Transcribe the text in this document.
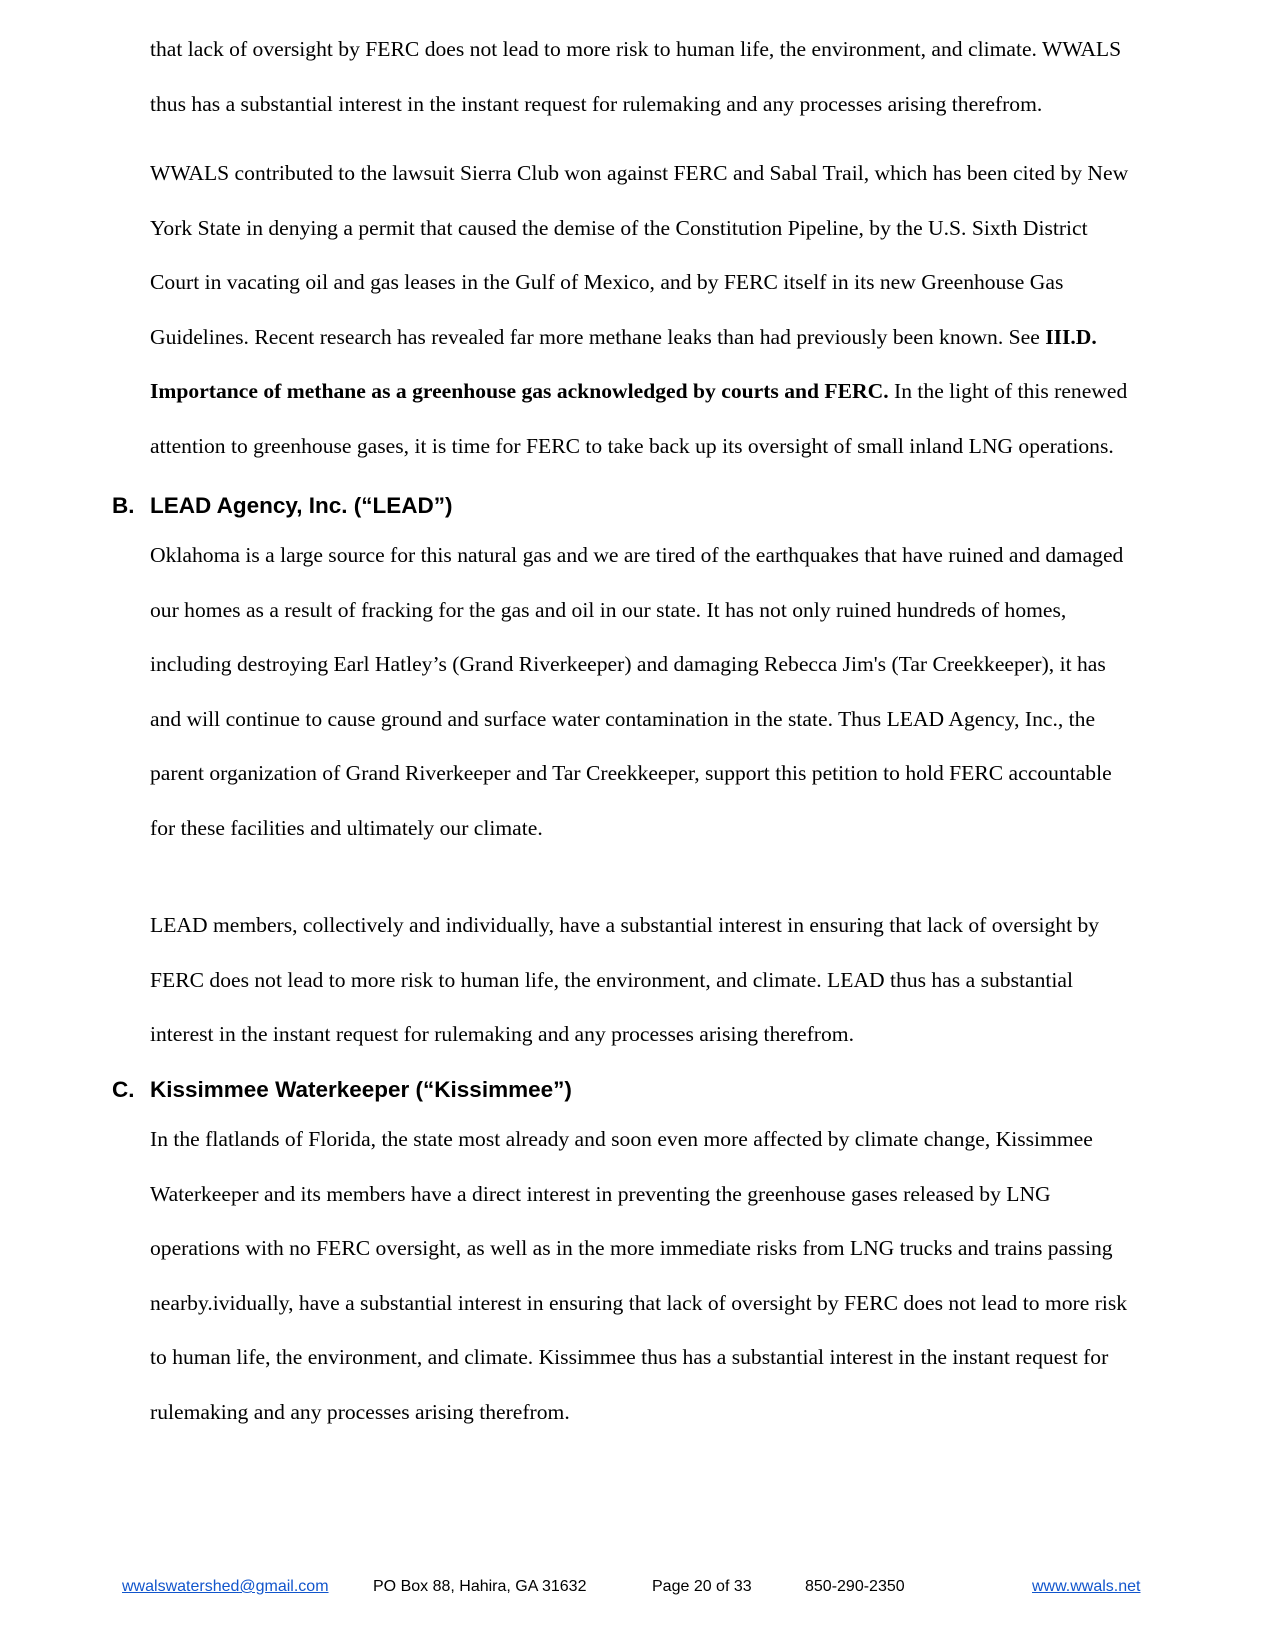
that lack of oversight by FERC does not lead to more risk to human life, the environment, and climate. WWALS
thus has a substantial interest in the instant request for rulemaking and any processes arising therefrom.

WWALS contributed to the lawsuit Sierra Club won against FERC and Sabal Trail, which has been cited by New
York State in denying a permit that caused the demise of the Constitution Pipeline, by the U.S. Sixth District
Court in vacating oil and gas leases in the Gulf of Mexico, and by FERC itself in its new Greenhouse Gas
Guidelines. Recent research has revealed far more methane leaks than had previously been known. See III.D.
Importance of methane as a greenhouse gas acknowledged by courts and FERC. In the light of this renewed
attention to greenhouse gases, it is time for FERC to take back up its oversight of small inland LNG operations.

B. LEAD Agency, Inc. (“LEAD”)

Oklahoma is a large source for this natural gas and we are tired of the earthquakes that have ruined and damaged
our homes as a result of fracking for the gas and oil in our state. It has not only ruined hundreds of homes,
including destroying Earl Hatley’s (Grand Riverkeeper) and damaging Rebecca Jim's (Tar Creekkeeper), it has
and will continue to cause ground and surface water contamination in the state. Thus LEAD Agency, Inc., the
parent organization of Grand Riverkeeper and Tar Creekkeeper, support this petition to hold FERC accountable
for these facilities and ultimately our climate.

LEAD members, collectively and individually, have a substantial interest in ensuring that lack of oversight by
FERC does not lead to more risk to human life, the environment, and climate. LEAD thus has a substantial
interest in the instant request for rulemaking and any processes arising therefrom.

C. Kissimmee Waterkeeper (“Kissimmee”)

In the flatlands of Florida, the state most already and soon even more affected by climate change, Kissimmee
Waterkeeper and its members have a direct interest in preventing the greenhouse gases released by LNG
operations with no FERC oversight, as well as in the more immediate risks from LNG trucks and trains passing
nearby.ividually, have a substantial interest in ensuring that lack of oversight by FERC does not lead to more risk
to human life, the environment, and climate. Kissimmee thus has a substantial interest in the instant request for
rulemaking and any processes arising therefrom.

wwalswatershed@gmail.com	PO Box 88, Hahira, GA 31632	Page 20 of 33	850-290-2350	www.wwals.net
